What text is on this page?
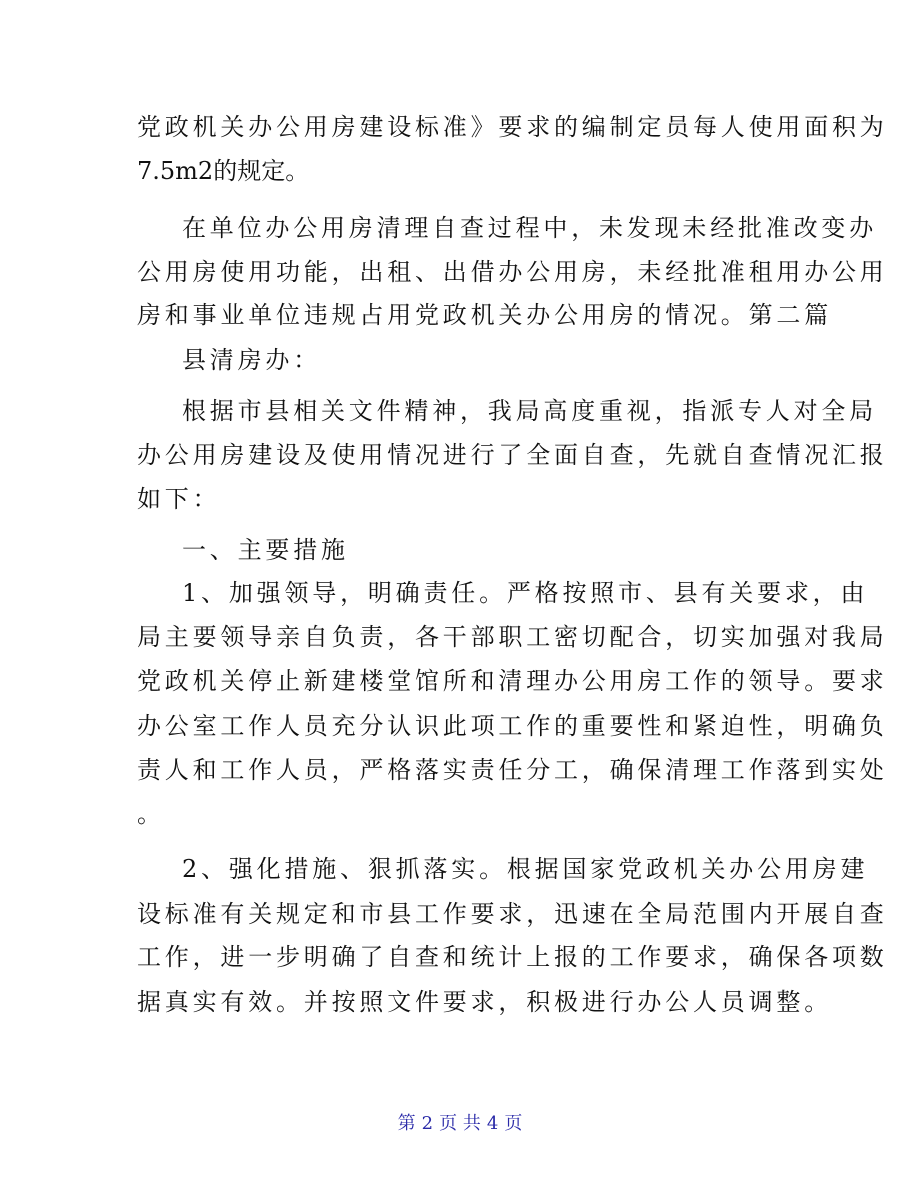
党政机关办公用房建设标准》要求的编制定员每人使用面积为
7.5m2的规定。
在单位办公用房清理自查过程中，未发现未经批准改变办
公用房使用功能，出租、出借办公用房，未经批准租用办公用
房和事业单位违规占用党政机关办公用房的情况。第二篇
县清房办：
根据市县相关文件精神，我局高度重视，指派专人对全局
办公用房建设及使用情况进行了全面自查，先就自查情况汇报
如下：
一、主要措施
1、加强领导，明确责任。严格按照市、县有关要求，由
局主要领导亲自负责，各干部职工密切配合，切实加强对我局
党政机关停止新建楼堂馆所和清理办公用房工作的领导。要求
办公室工作人员充分认识此项工作的重要性和紧迫性，明确负
责人和工作人员，严格落实责任分工，确保清理工作落到实处
。
2、强化措施、狠抓落实。根据国家党政机关办公用房建
设标准有关规定和市县工作要求，迅速在全局范围内开展自查
工作，进一步明确了自查和统计上报的工作要求，确保各项数
据真实有效。并按照文件要求，积极进行办公人员调整。
第 2 页 共 4 页
